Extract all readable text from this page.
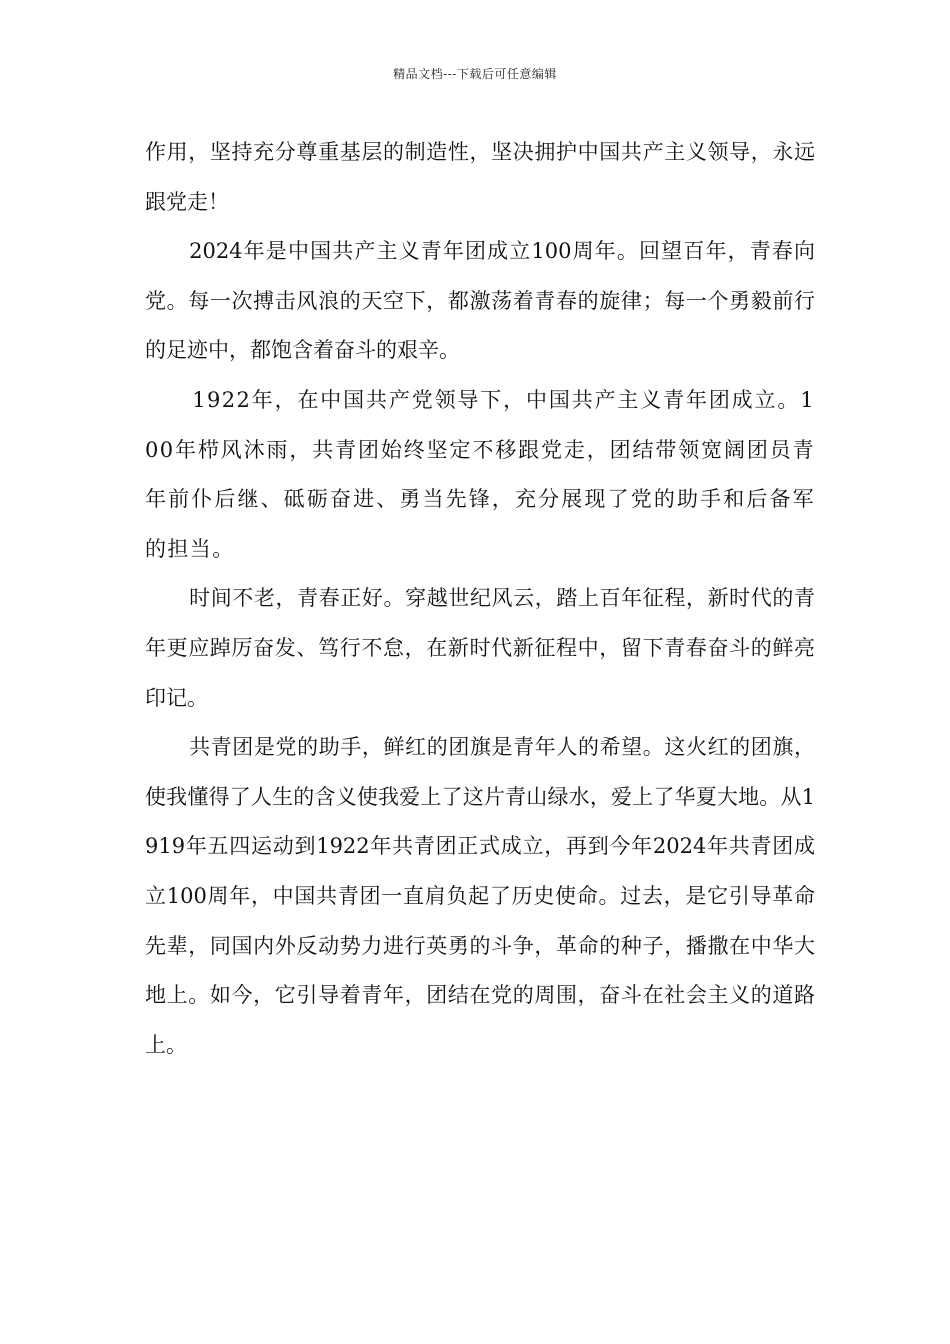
精品文档---下载后可任意编辑

作用，坚持充分尊重基层的制造性，坚决拥护中国共产主义领导，永远跟党走！

2024年是中国共产主义青年团成立100周年。回望百年，青春向党。每一次搏击风浪的天空下，都激荡着青春的旋律；每一个勇毅前行的足迹中，都饱含着奋斗的艰辛。

1922年，在中国共产党领导下，中国共产主义青年团成立。100年栉风沐雨，共青团始终坚定不移跟党走，团结带领宽阔团员青年前仆后继、砥砺奋进、勇当先锋，充分展现了党的助手和后备军的担当。

时间不老，青春正好。穿越世纪风云，踏上百年征程，新时代的青年更应踔厉奋发、笃行不怠，在新时代新征程中，留下青春奋斗的鲜亮印记。

共青团是党的助手，鲜红的团旗是青年人的希望。这火红的团旗，使我懂得了人生的含义使我爱上了这片青山绿水，爱上了华夏大地。从1919年五四运动到1922年共青团正式成立，再到今年2024年共青团成立100周年，中国共青团一直肩负起了历史使命。过去，是它引导革命先辈，同国内外反动势力进行英勇的斗争，革命的种子，播撒在中华大地上。如今，它引导着青年，团结在党的周围，奋斗在社会主义的道路上。
